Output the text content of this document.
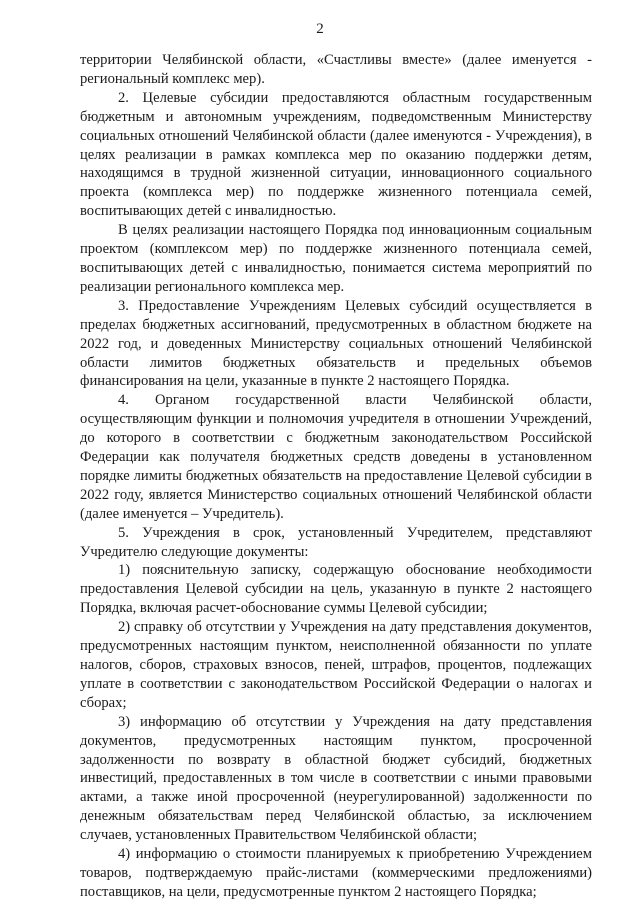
2

территории Челябинской области, «Счастливы вместе» (далее именуется - региональный комплекс мер).

2. Целевые субсидии предоставляются областным государственным бюджетным и автономным учреждениям, подведомственным Министерству социальных отношений Челябинской области (далее именуются - Учреждения), в целях реализации в рамках комплекса мер по оказанию поддержки детям, находящимся в трудной жизненной ситуации, инновационного социального проекта (комплекса мер) по поддержке жизненного потенциала семей, воспитывающих детей с инвалидностью.

В целях реализации настоящего Порядка под инновационным социальным проектом (комплексом мер) по поддержке жизненного потенциала семей, воспитывающих детей с инвалидностью, понимается система мероприятий по реализации регионального комплекса мер.

3. Предоставление Учреждениям Целевых субсидий осуществляется в пределах бюджетных ассигнований, предусмотренных в областном бюджете на 2022 год, и доведенных Министерству социальных отношений Челябинской области лимитов бюджетных обязательств и предельных объемов финансирования на цели, указанные в пункте 2 настоящего Порядка.

4. Органом государственной власти Челябинской области, осуществляющим функции и полномочия учредителя в отношении Учреждений, до которого в соответствии с бюджетным законодательством Российской Федерации как получателя бюджетных средств доведены в установленном порядке лимиты бюджетных обязательств на предоставление Целевой субсидии в 2022 году, является Министерство социальных отношений Челябинской области (далее именуется – Учредитель).

5. Учреждения в срок, установленный Учредителем, представляют Учредителю следующие документы:

1) пояснительную записку, содержащую обоснование необходимости предоставления Целевой субсидии на цель, указанную в пункте 2 настоящего Порядка, включая расчет-обоснование суммы Целевой субсидии;

2) справку об отсутствии у Учреждения на дату представления документов, предусмотренных настоящим пунктом, неисполненной обязанности по уплате налогов, сборов, страховых взносов, пеней, штрафов, процентов, подлежащих уплате в соответствии с законодательством Российской Федерации о налогах и сборах;

3) информацию об отсутствии у Учреждения на дату представления документов, предусмотренных настоящим пунктом, просроченной задолженности по возврату в областной бюджет субсидий, бюджетных инвестиций, предоставленных в том числе в соответствии с иными правовыми актами, а также иной просроченной (неурегулированной) задолженности по денежным обязательствам перед Челябинской областью, за исключением случаев, установленных Правительством Челябинской области;

4) информацию о стоимости планируемых к приобретению Учреждением товаров, подтверждаемую прайс-листами (коммерческими предложениями) поставщиков, на цели, предусмотренные пунктом 2 настоящего Порядка;
